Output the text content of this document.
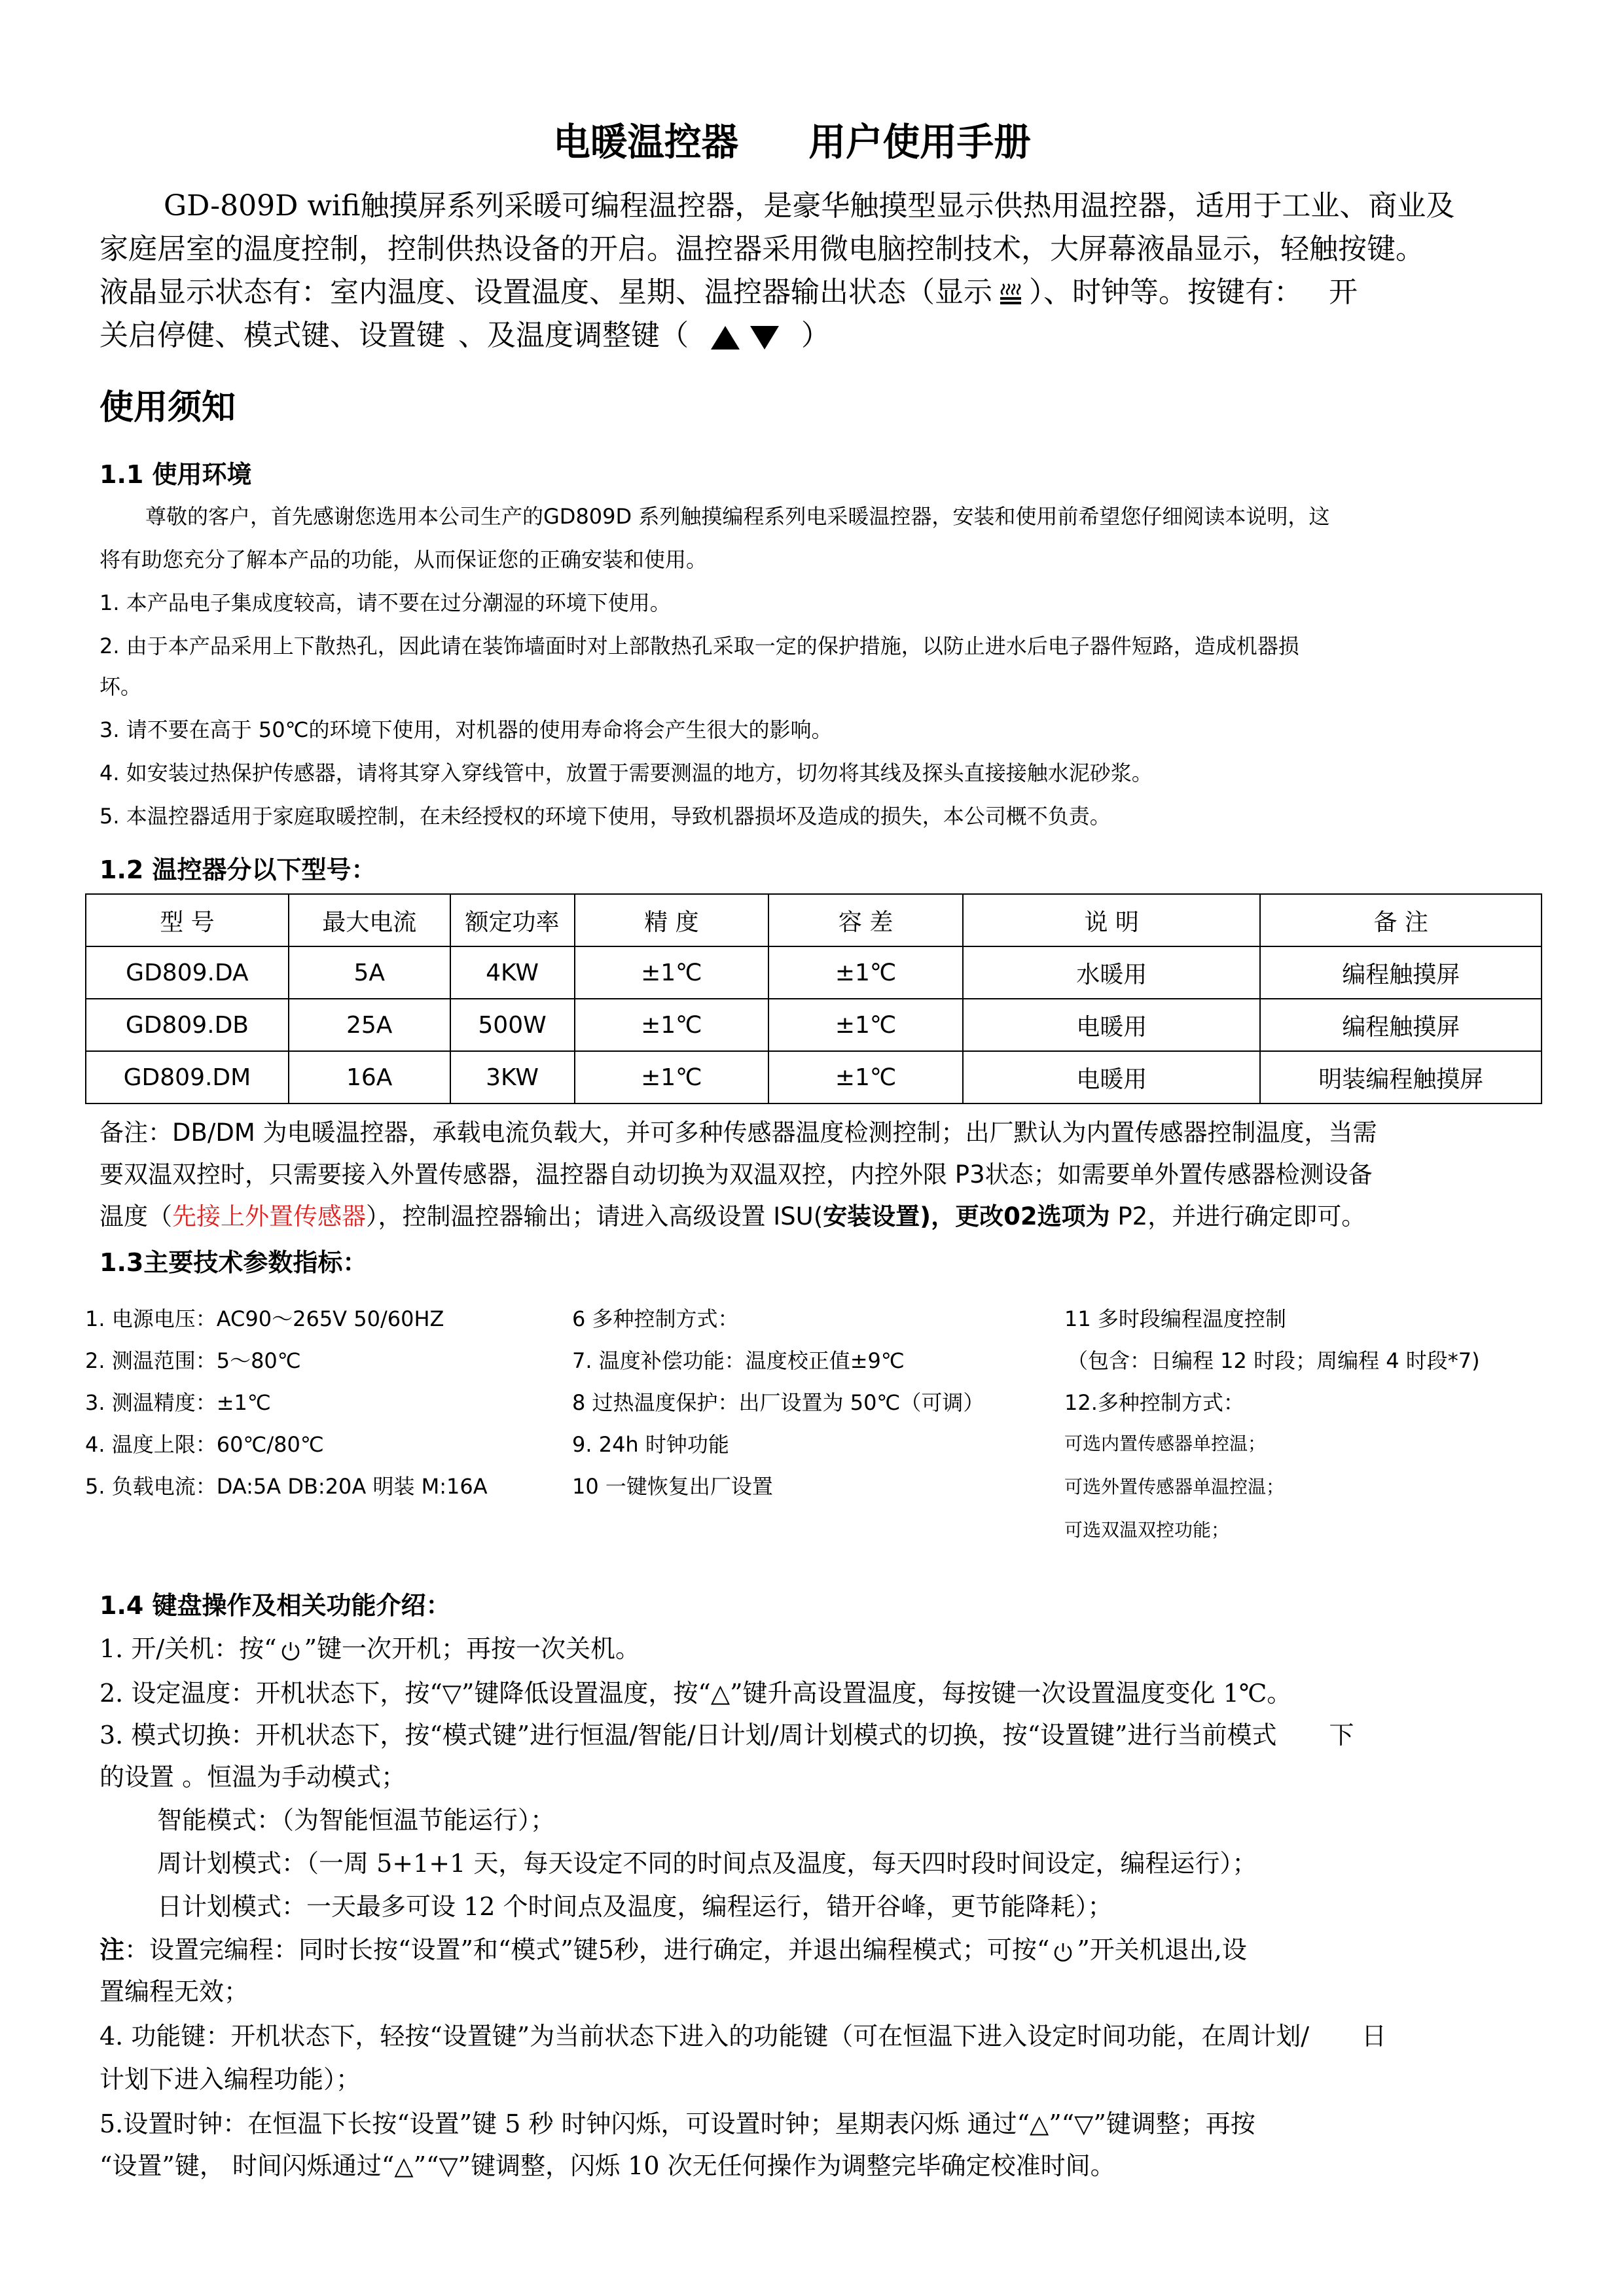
电暖温控器 用户使用手册
GD-809D wifi触摸屏系列采暖可编程温控器，是豪华触摸型显示供热用温控器，适用于工业、商业及
家庭居室的温度控制，控制供热设备的开启。温控器采用微电脑控制技术，大屏幕液晶显示，轻触按键。
液晶显示状态有：室内温度、设置温度、星期、温控器输出状态（显示 ）、时钟等。按键有： 开
关启停健、模式键、设置键 、及温度调整键（	）
使用须知
1.1 使用环境
尊敬的客户，首先感谢您选用本公司生产的GD809D 系列触摸编程系列电采暖温控器，安装和使用前希望您仔细阅读本说明，这
将有助您充分了解本产品的功能，从而保证您的正确安装和使用。
1. 本产品电子集成度较高，请不要在过分潮湿的环境下使用。
2. 由于本产品采用上下散热孔，因此请在装饰墙面时对上部散热孔采取一定的保护措施，以防止进水后电子器件短路，造成机器损
坏。
3. 请不要在高于 50℃的环境下使用，对机器的使用寿命将会产生很大的影响。
4. 如安装过热保护传感器，请将其穿入穿线管中，放置于需要测温的地方，切勿将其线及探头直接接触水泥砂浆。
5. 本温控器适用于家庭取暖控制，在未经授权的环境下使用，导致机器损坏及造成的损失，本公司概不负责。
1.2 温控器分以下型号：
型 号	最大电流	额定功率	精 度	容 差	说 明	备 注
GD809.DA	5A	4KW	±1℃	±1℃	水暖用	编程触摸屏
GD809.DB	25A	500W	±1℃	±1℃	电暖用	编程触摸屏
GD809.DM	16A	3KW	±1℃	±1℃	电暖用	明装编程触摸屏
备注：DB/DM 为电暖温控器，承载电流负载大，并可多种传感器温度检测控制；出厂默认为内置传感器控制温度，当需
要双温双控时，只需要接入外置传感器，温控器自动切换为双温双控，内控外限 P3状态；如需要单外置传感器检测设备
温度（先接上外置传感器），控制温控器输出；请进入高级设置 ISU(安装设置)，更改02选项为 P2，并进行确定即可。
1.3主要技术参数指标：
1. 电源电压：AC90～265V 50/60HZ
2. 测温范围：5～80℃
3. 测温精度：±1℃
4. 温度上限：60℃/80℃
5. 负载电流：DA:5A DB:20A 明装 M:16A
6 多种控制方式：
7. 温度补偿功能：温度校正值±9℃
8 过热温度保护：出厂设置为 50℃（可调）
9. 24h 时钟功能
10 一键恢复出厂设置
11 多时段编程温度控制
（包含：日编程 12 时段；周编程 4 时段*7)
12.多种控制方式：
可选内置传感器单控温；
可选外置传感器单温控温；
可选双温双控功能；
1.4 键盘操作及相关功能介绍：
1. 开/关机：按“ ”键一次开机；再按一次关机。
2. 设定温度：开机状态下，按“▽”键降低设置温度，按“△”键升高设置温度，每按键一次设置温度变化 1℃。
3. 模式切换：开机状态下，按“模式键”进行恒温/智能/日计划/周计划模式的切换，按“设置键”进行当前模式 下
的设置 。恒温为手动模式；
智能模式：（为智能恒温节能运行）；
周计划模式：（一周 5+1+1 天，每天设定不同的时间点及温度，每天四时段时间设定，编程运行）；
日计划模式：一天最多可设 12 个时间点及温度，编程运行，错开谷峰，更节能降耗）；
注：设置完编程：同时长按“设置”和“模式”键5秒，进行确定，并退出编程模式；可按“ ”开关机退出,设
置编程无效；
4. 功能键：开机状态下，轻按“设置键”为当前状态下进入的功能键（可在恒温下进入设定时间功能，在周计划/ 日
计划下进入编程功能）；
5.设置时钟：在恒温下长按“设置”键 5 秒 时钟闪烁，可设置时钟；星期表闪烁 通过“△”“▽”键调整；再按
“设置”键， 时间闪烁通过“△”“▽”键调整，闪烁 10 次无任何操作为调整完毕确定校准时间。
